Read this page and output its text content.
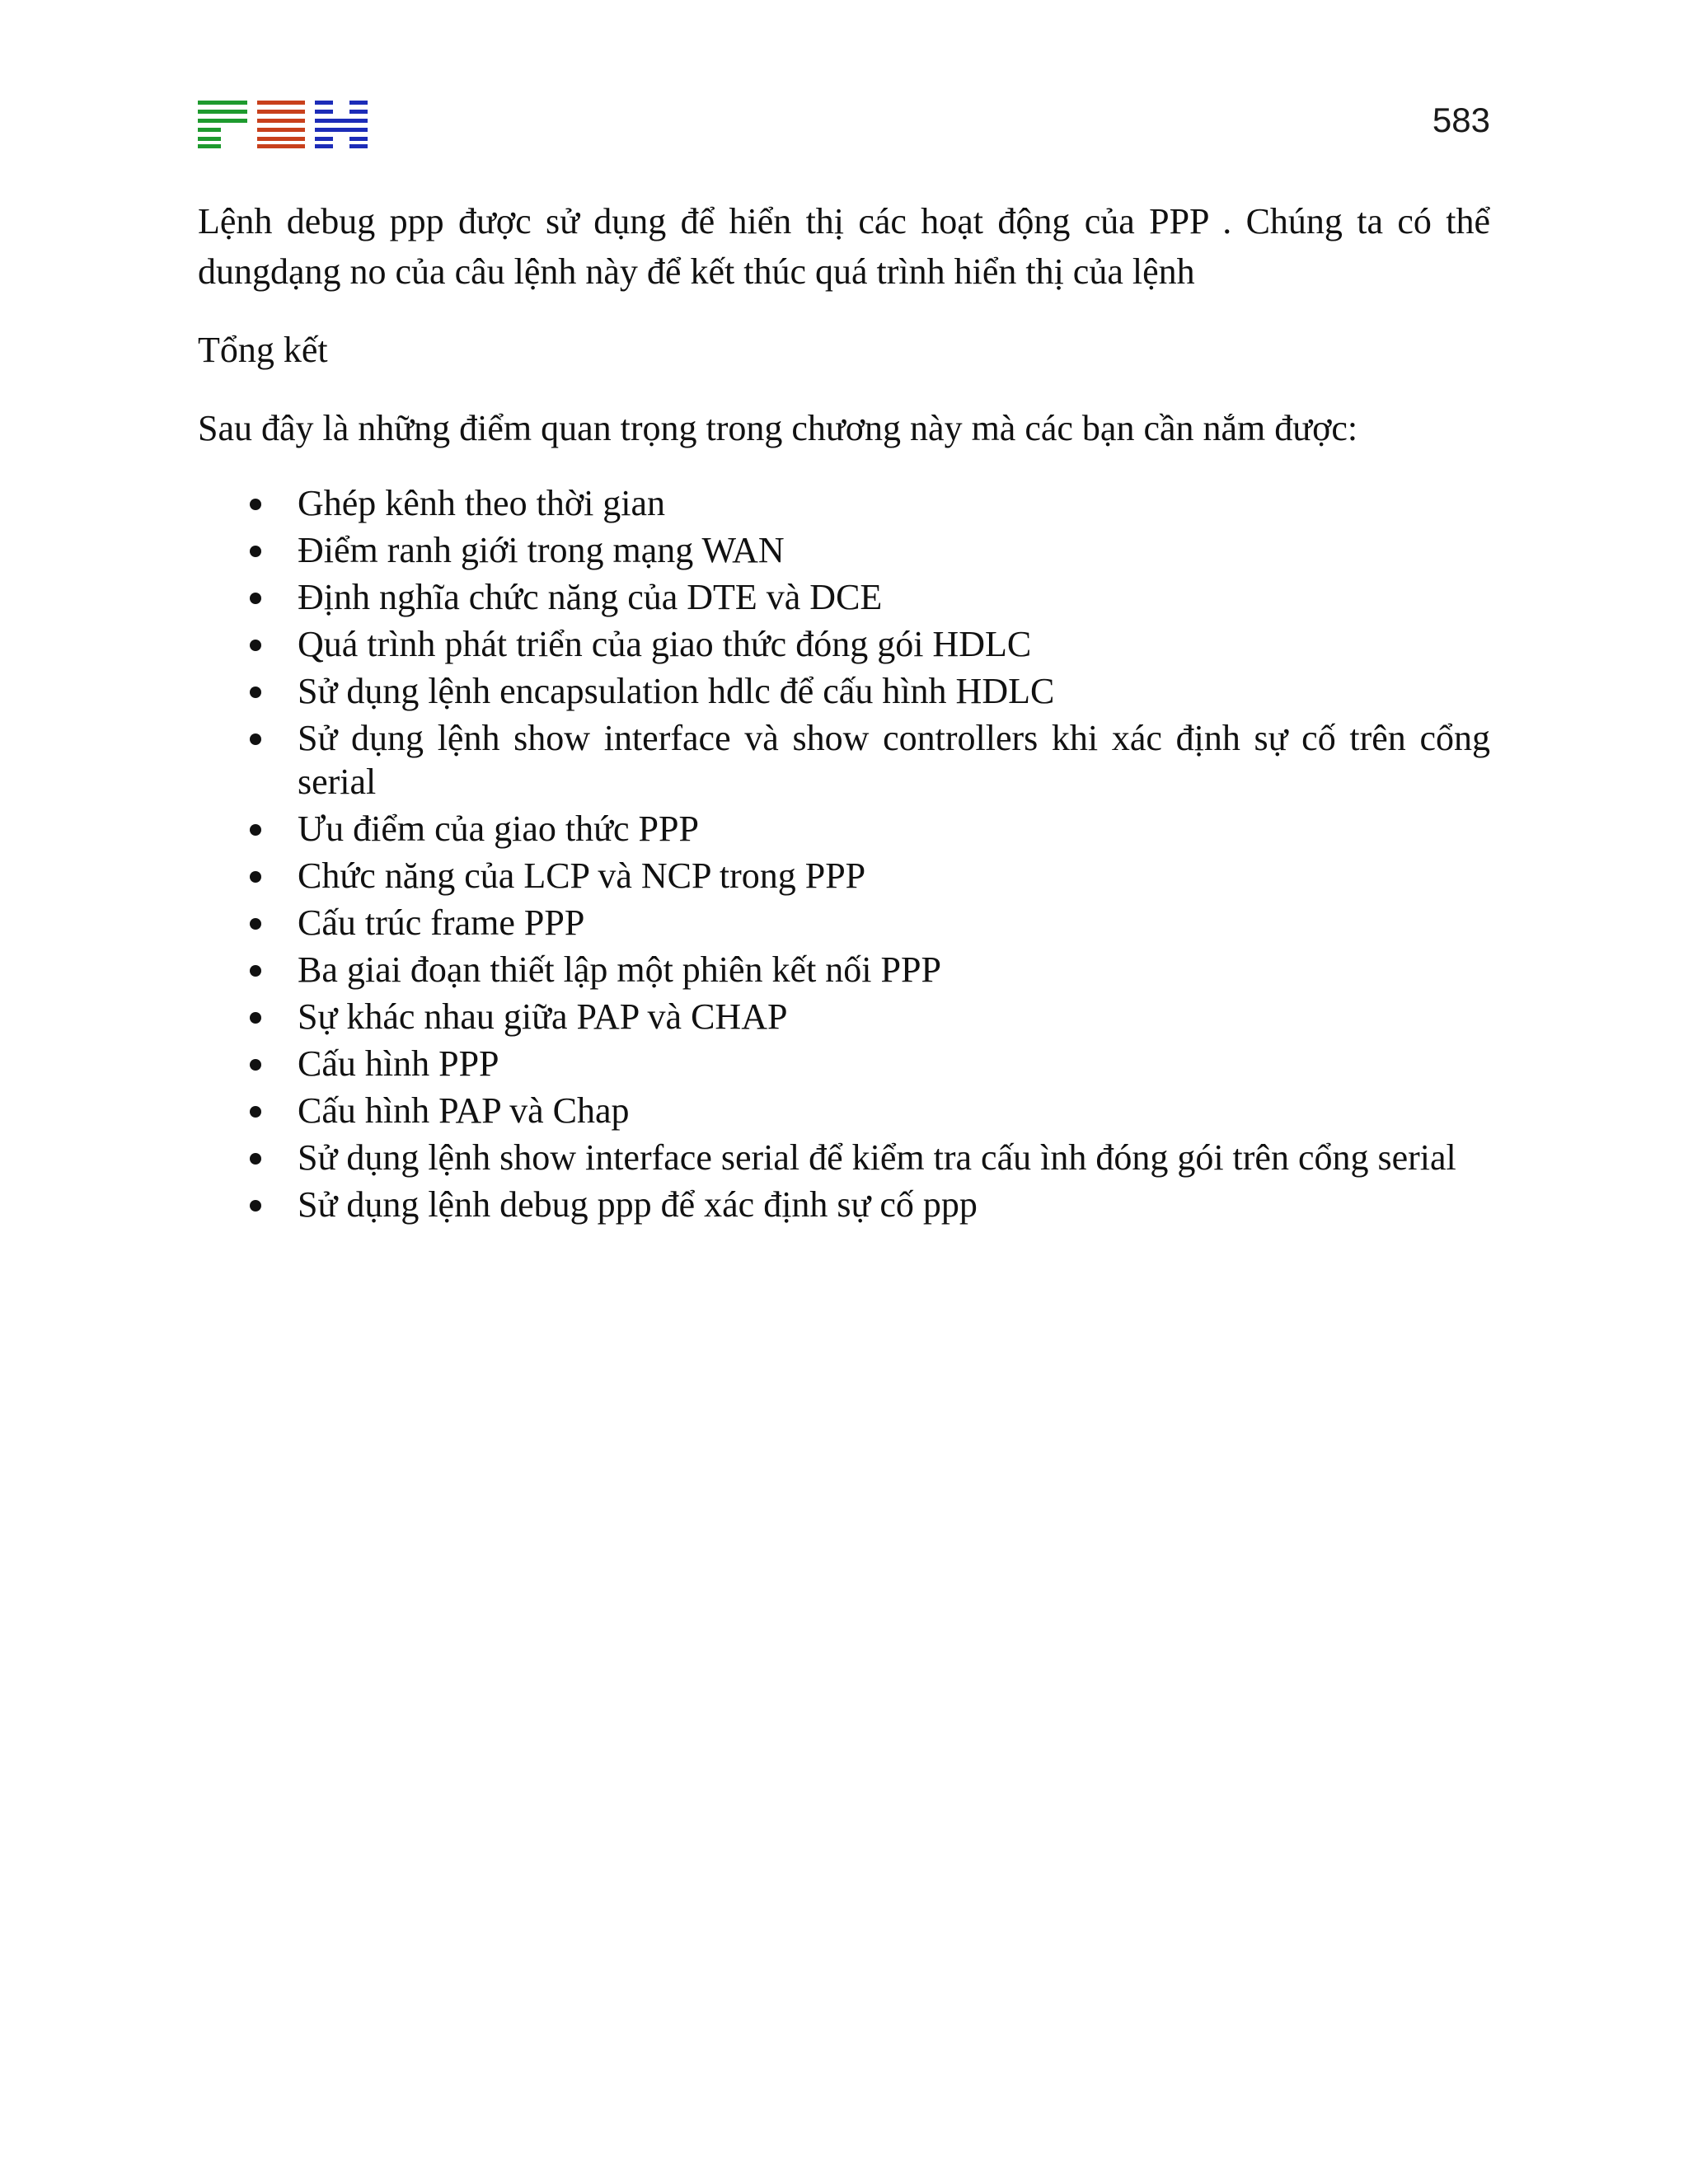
583

Lệnh debug ppp được sử dụng để hiển thị các hoạt động của PPP . Chúng ta có thể dungdạng no của câu lệnh này để kết thúc quá trình hiển thị của lệnh

Tổng kết

Sau đây là những điểm quan trọng trong chương này mà các bạn cần nắm được:

Ghép kênh theo thời gian
Điểm ranh giới trong mạng WAN
Định nghĩa chức năng của DTE và DCE
Quá trình phát triển của giao thức đóng gói HDLC
Sử dụng lệnh encapsulation hdlc để cấu hình HDLC
Sử dụng lệnh show interface và show controllers khi xác định sự cố trên cổng serial
Ưu điểm của giao thức PPP
Chức năng của LCP và NCP trong PPP
Cấu trúc frame PPP
Ba giai đoạn thiết lập một phiên kết nối PPP
Sự khác nhau giữa PAP và CHAP
Cấu hình PPP
Cấu hình PAP và Chap
Sử dụng lệnh show interface serial để kiểm tra cấu ình đóng gói trên cổng serial
Sử dụng lệnh debug ppp để xác định sự cố ppp
